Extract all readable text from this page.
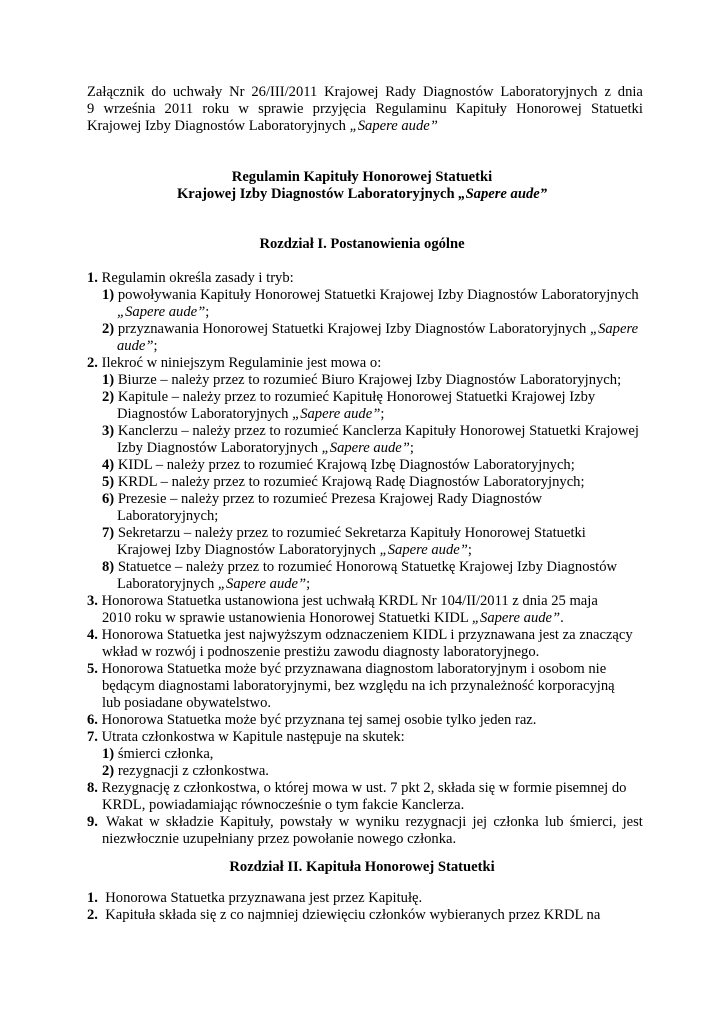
Załącznik do uchwały Nr 26/III/2011 Krajowej Rady Diagnostów Laboratoryjnych z dnia
9 września 2011 roku w sprawie przyjęcia Regulaminu Kapituły Honorowej Statuetki
Krajowej Izby Diagnostów Laboratoryjnych „Sapere aude”
Regulamin Kapituły Honorowej Statuetki
Krajowej Izby Diagnostów Laboratoryjnych „Sapere aude”
Rozdział I. Postanowienia ogólne
1. Regulamin określa zasady i tryb:
1) powoływania Kapituły Honorowej Statuetki Krajowej Izby Diagnostów Laboratoryjnych
„Sapere aude”;
2) przyznawania Honorowej Statuetki Krajowej Izby Diagnostów Laboratoryjnych „Sapere
aude”;
2. Ilekroć w niniejszym Regulaminie jest mowa o:
1) Biurze – należy przez to rozumieć Biuro Krajowej Izby Diagnostów Laboratoryjnych;
2) Kapitule – należy przez to rozumieć Kapitułę Honorowej Statuetki Krajowej Izby
Diagnostów Laboratoryjnych „Sapere aude”;
3) Kanclerzu – należy przez to rozumieć Kanclerza Kapituły Honorowej Statuetki Krajowej
Izby Diagnostów Laboratoryjnych „Sapere aude”;
4) KIDL – należy przez to rozumieć Krajową Izbę Diagnostów Laboratoryjnych;
5) KRDL – należy przez to rozumieć Krajową Radę Diagnostów Laboratoryjnych;
6) Prezesie – należy przez to rozumieć Prezesa Krajowej Rady Diagnostów
Laboratoryjnych;
7) Sekretarzu – należy przez to rozumieć Sekretarza Kapituły Honorowej Statuetki
Krajowej Izby Diagnostów Laboratoryjnych „Sapere aude”;
8) Statuetce – należy przez to rozumieć Honorową Statuetkę Krajowej Izby Diagnostów
Laboratoryjnych „Sapere aude”;
3. Honorowa Statuetka ustanowiona jest uchwałą KRDL Nr 104/II/2011 z dnia 25 maja
2010 roku w sprawie ustanowienia Honorowej Statuetki KIDL „Sapere aude”.
4. Honorowa Statuetka jest najwyższym odznaczeniem KIDL i przyznawana jest za znaczący
wkład w rozwój i podnoszenie prestiżu zawodu diagnosty laboratoryjnego.
5. Honorowa Statuetka może być przyznawana diagnostom laboratoryjnym i osobom nie
będącym diagnostami laboratoryjnymi, bez względu na ich przynależność korporacyjną
lub posiadane obywatelstwo.
6. Honorowa Statuetka może być przyznana tej samej osobie tylko jeden raz.
7. Utrata członkostwa w Kapitule następuje na skutek:
1) śmierci członka,
2) rezygnacji z członkostwa.
8. Rezygnację z członkostwa, o której mowa w ust. 7 pkt 2, składa się w formie pisemnej do
KRDL, powiadamiając równocześnie o tym fakcie Kanclerza.
9. Wakat w składzie Kapituły, powstały w wyniku rezygnacji jej członka lub śmierci, jest
niezwłocznie uzupełniany przez powołanie nowego członka.
Rozdział II. Kapituła Honorowej Statuetki
1.  Honorowa Statuetka przyznawana jest przez Kapitułę.
2.  Kapituła składa się z co najmniej dziewięciu członków wybieranych przez KRDL na
